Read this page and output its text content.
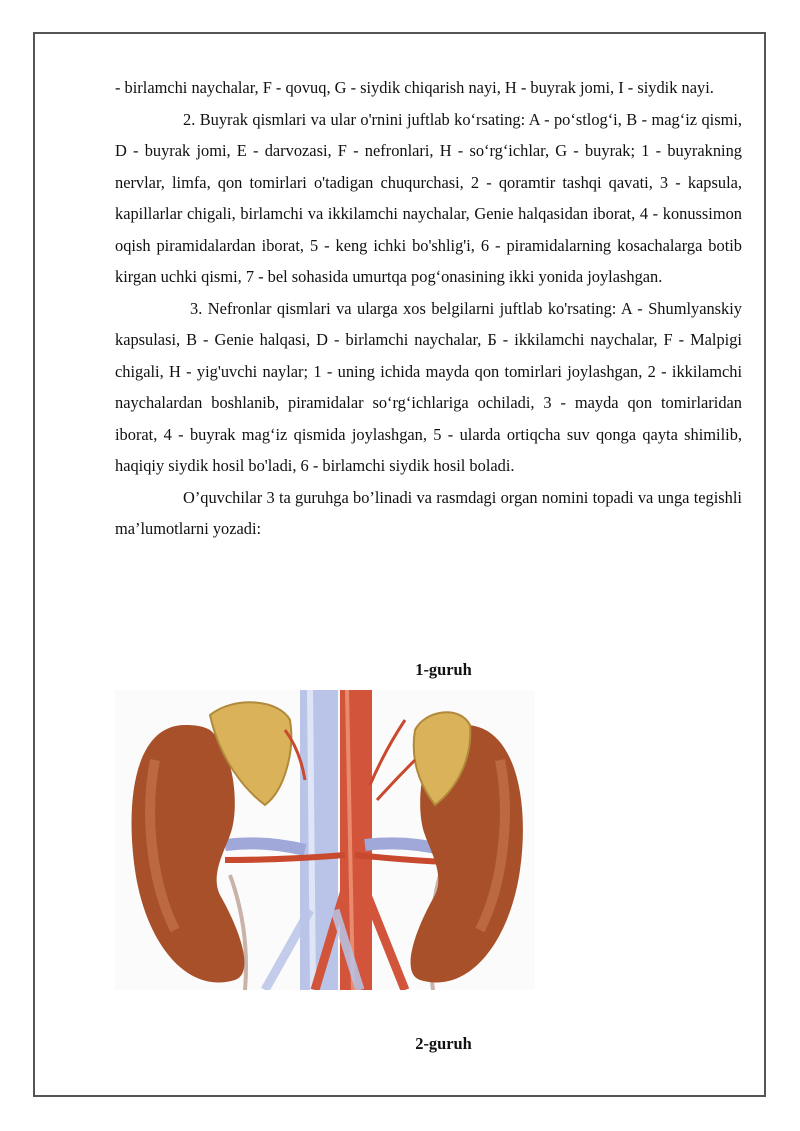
- birlamchi naychalar, F - qovuq, G - siydik chiqarish nayi, H - buyrak jomi, I - siydik nayi.

2. Buyrak qismlari va ular o'rnini juftlab ko‘rsating: A - po‘stlog‘i, B - mag‘iz qismi, D - buyrak jomi, E - darvozasi, F - nefronlari, H - so‘rg‘ichlar, G - buyrak; 1 - buyrakning nervlar, limfa, qon tomirlari o'tadigan chuqurchasi, 2 - qoramtir tashqi qavati, 3 - kapsula, kapillarlar chigali, birlamchi va ikkilamchi naychalar, Genie halqasidan iborat, 4 - konussimon oqish piramidalardan iborat, 5 - keng ichki bo'shlig'i, 6 - piramidalarning kosachalarga botib kirgan uchki qismi, 7 - bel sohasida umurtqa pog‘onasining ikki yonida joylashgan.

3. Nefronlar qismlari va ularga xos belgilarni juftlab ko'rsating: A - Shumlyanskiy kapsulasi, B - Genie halqasi, D - birlamchi naychalar, Б - ikkilamchi naychalar, F - Malpigi chigali, H - yig'uvchi naylar; 1 - uning ichida mayda qon tomirlari joylashgan, 2 - ikkilamchi naychalardan boshlanib, piramidalar so‘rg‘ichlariga ochiladi, 3 - mayda qon tomirlaridan iborat, 4 - buyrak mag‘iz qismida joylashgan, 5 - ularda ortiqcha suv qonga qayta shimilib, haqiqiy siydik hosil bo'ladi, 6 - birlamchi siydik hosil boladi.

O’quvchilar 3 ta guruhga bo’linadi va rasmdagi organ nomini topadi va unga tegishli ma’lumotlarni yozadi:

1-guruh
2-guruh
